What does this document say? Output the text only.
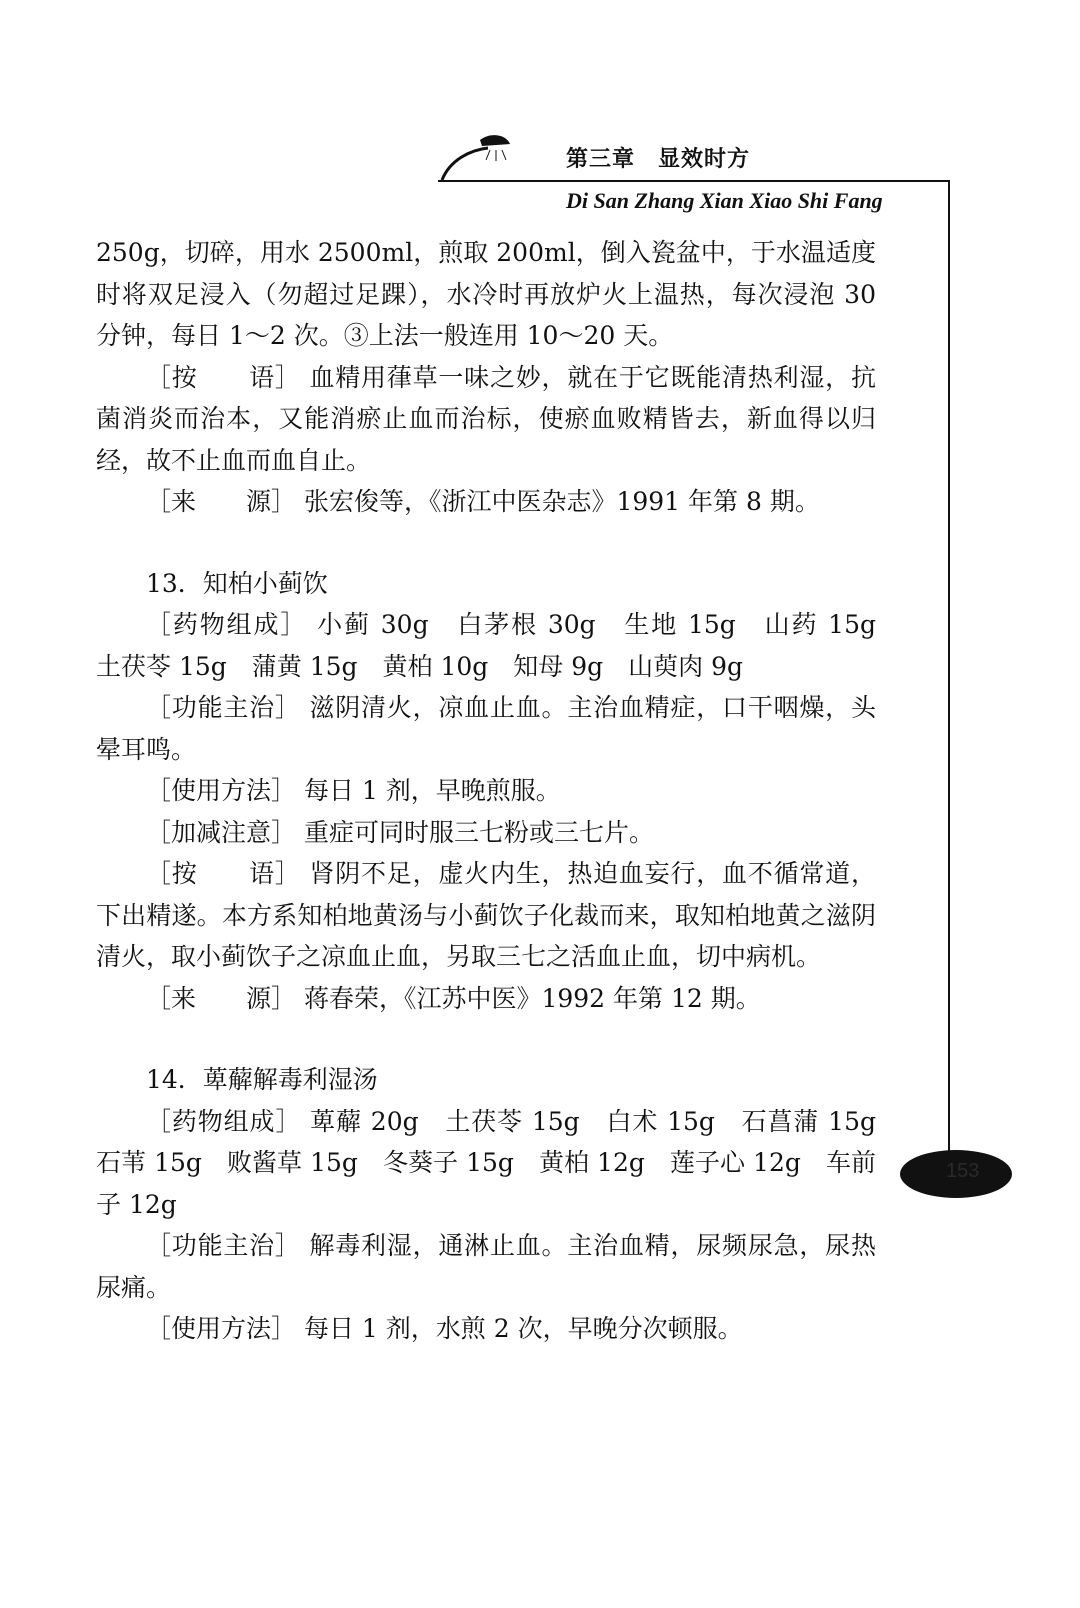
第三章　显效时方
Di San Zhang Xian Xiao Shi Fang
153

250g，切碎，用水 2500ml，煎取 200ml，倒入瓷盆中，于水温适度时将双足浸入（勿超过足踝），水冷时再放炉火上温热，每次浸泡 30 分钟，每日 1～2 次。③上法一般连用 10～20 天。

［按　　语］ 血精用葎草一味之妙，就在于它既能清热利湿，抗菌消炎而治本，又能消瘀止血而治标，使瘀血败精皆去，新血得以归经，故不止血而血自止。

［来　　源］ 张宏俊等，《浙江中医杂志》1991 年第 8 期。

13．知柏小蓟饮

［药物组成］ 小蓟 30g　白茅根 30g　生地 15g　山药 15g　土茯苓 15g　蒲黄 15g　黄柏 10g　知母 9g　山萸肉 9g

［功能主治］ 滋阴清火，凉血止血。主治血精症，口干咽燥，头晕耳鸣。

［使用方法］ 每日 1 剂，早晚煎服。

［加减注意］ 重症可同时服三七粉或三七片。

［按　　语］ 肾阴不足，虚火内生，热迫血妄行，血不循常道，下出精遂。本方系知柏地黄汤与小蓟饮子化裁而来，取知柏地黄之滋阴清火，取小蓟饮子之凉血止血，另取三七之活血止血，切中病机。

［来　　源］ 蒋春荣，《江苏中医》1992 年第 12 期。

14．萆薢解毒利湿汤

［药物组成］ 萆薢 20g　土茯苓 15g　白术 15g　石菖蒲 15g　石苇 15g　败酱草 15g　冬葵子 15g　黄柏 12g　莲子心 12g　车前子 12g

［功能主治］ 解毒利湿，通淋止血。主治血精，尿频尿急，尿热尿痛。

［使用方法］ 每日 1 剂，水煎 2 次，早晚分次顿服。
